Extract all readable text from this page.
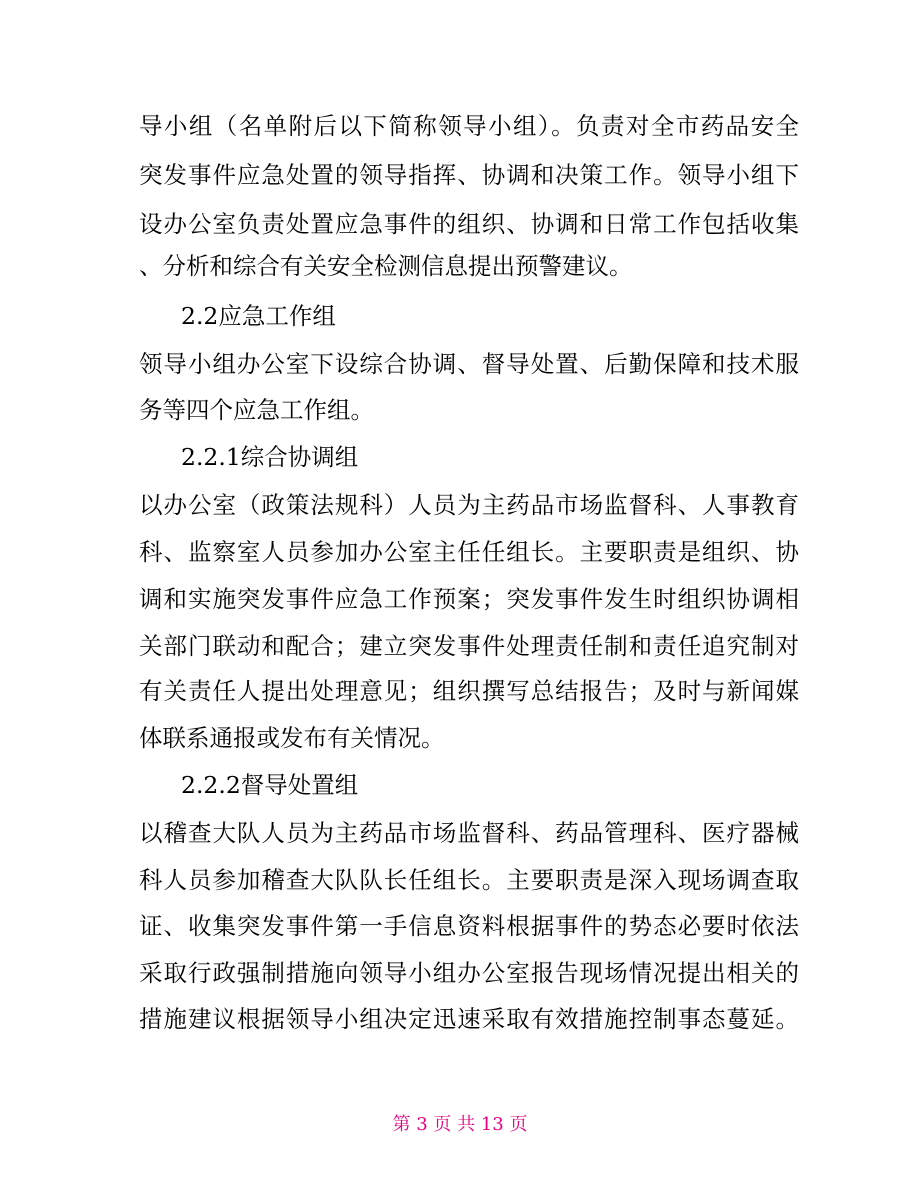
导小组（名单附后以下简称领导小组）。负责对全市药品安全
突发事件应急处置的领导指挥、协调和决策工作。领导小组下
设办公室负责处置应急事件的组织、协调和日常工作包括收集
、分析和综合有关安全检测信息提出预警建议。
2.2应急工作组
领导小组办公室下设综合协调、督导处置、后勤保障和技术服
务等四个应急工作组。
2.2.1综合协调组
以办公室（政策法规科）人员为主药品市场监督科、人事教育
科、监察室人员参加办公室主任任组长。主要职责是组织、协
调和实施突发事件应急工作预案；突发事件发生时组织协调相
关部门联动和配合；建立突发事件处理责任制和责任追究制对
有关责任人提出处理意见；组织撰写总结报告；及时与新闻媒
体联系通报或发布有关情况。
2.2.2督导处置组
以稽查大队人员为主药品市场监督科、药品管理科、医疗器械
科人员参加稽查大队队长任组长。主要职责是深入现场调查取
证、收集突发事件第一手信息资料根据事件的势态必要时依法
采取行政强制措施向领导小组办公室报告现场情况提出相关的
措施建议根据领导小组决定迅速采取有效措施控制事态蔓延。
第 3 页 共 13 页
